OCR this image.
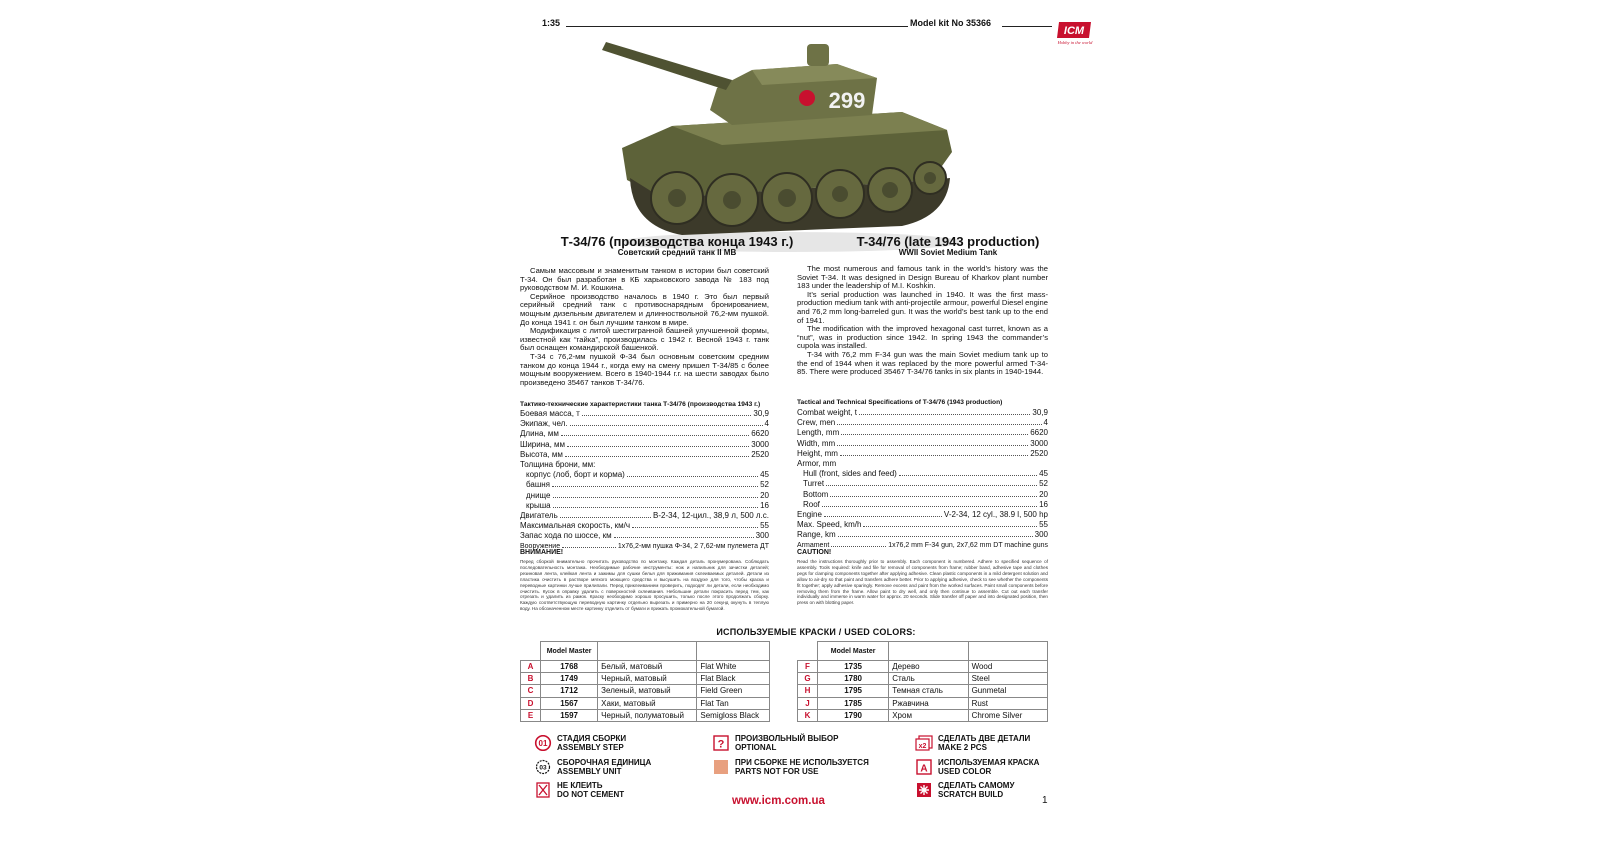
1:35	Model kit No 35366
ICM
Hobby in the world
299
Т-34/76 (производства конца 1943 г.)
Советский средний танк II МВ
T-34/76 (late 1943 production)
WWII Soviet Medium Tank

Самым массовым и знаменитым танком в истории был советский Т-34. Он был разработан в КБ харьковского завода № 183 под руководством М. И. Кошкина.

Серийное производство началось в 1940 г. Это был первый серийный средний танк с противоснарядным бронированием, мощным дизельным двигателем и длинноствольной 76,2-мм пушкой. До конца 1941 г. он был лучшим танком в мире.

Модификация с литой шестигранной башней улучшенной формы, известной как “гайка”, производилась с 1942 г. Весной 1943 г. танк был оснащен командирской башенкой.

Т-34 с 76,2-мм пушкой Ф-34 был основным советским средним танком до конца 1944 г., когда ему на смену пришел Т-34/85 с более мощным вооружением. Всего в 1940-1944 г.г. на шести заводах было произведено 35467 танков Т-34/76.

The most numerous and famous tank in the world’s history was the Soviet T-34. It was designed in Design Bureau of Kharkov plant number 183 under the leadership of M.I. Koshkin.

It’s serial production was launched in 1940. It was the first mass-production medium tank with anti-projectile armour, powerful Diesel engine and 76,2 mm long-barreled gun. It was the world’s best tank up to the end of 1941.

The modification with the improved hexagonal cast turret, known as a “nut”, was in production since 1942. In spring 1943 the commander’s cupola was installed.

T-34 with 76,2 mm F-34 gun was the main Soviet medium tank up to the end of 1944 when it was replaced by the more powerful armed T-34-85. There were produced 35467 T-34/76 tanks in six plants in 1940-1944.

Тактико-технические характеристики танка Т-34/76 (производства 1943 г.)
Боевая масса, т	30,9
Экипаж, чел.	4
Длина, мм	6620
Ширина, мм	3000
Высота, мм	2520
Толщина брони, мм:
корпус (лоб, борт и корма)	45
башня	52
днище	20
крыша	16
Двигатель	В-2-34, 12-цил., 38,9 л, 500 л.с.
Максимальная скорость, км/ч	55
Запас хода по шоссе, км	300
Вооружение	1х76,2-мм пушка Ф-34, 2 7,62-мм пулемета ДТ
Tactical and Technical Specifications of T-34/76 (1943 production)
Combat weight, t	30,9
Crew, men	4
Length, mm	6620
Width, mm	3000
Height, mm	2520
Armor, mm
Hull (front, sides and feed)	45
Turret	52
Bottom	20
Roof	16
Engine	V-2-34, 12 cyl., 38.9 l, 500 hp
Max. Speed, km/h	55
Range, km	300
Armament	1x76,2 mm F-34 gun, 2x7,62 mm DT machine guns
ВНИМАНИЕ!
Перед сборкой внимательно прочитать руководство по монтажу. Каждая деталь пронумерована. Соблюдать последовательность монтажа. Необходимые рабочие инструменты: нож и напильник для зачистки деталей; резиновая лента, клейкая лента и зажимы для сушки белья для прижимания склеиваемых деталей. Детали из пластика очистить в растворе мягкого моющего средства и высушить на воздухе для того, чтобы краска и переводные картинки лучше прилипали. Перед приклеиванием проверить, подходят ли детали, если необходимо очистить. Кусок в оправку удалить с поверхностей склеивания. Небольшие детали покрасить перед тем, как отрезать и удалить из рамок. Краску необходимо хорошо просушить, только после этого продолжать сборку. Каждую соответствующую переводную картинку отдельно вырезать и примерно на 20 секунд окунуть в теплую воду. На обозначенном месте картинку отделить от бумаги и прижать промокательной бумагой.
CAUTION!
Read the instructions thoroughly prior to assembly. Each component is numbered. Adhere to specified sequence of assembly. Tools required: knife and file for removal of components from frame; rubber band, adhesive tape and clothes pegs for clamping components together after applying adhesive. Clean plastic components in a mild detergent solution and allow to air-dry so that paint and transfers adhere better. Prior to applying adhesive, check to see whether the components fit together; apply adhesive sparingly. Remove excess and paint from the worked surfaces. Paint small components before removing them from the frame. Allow paint to dry well, and only then continue to assemble. Cut out each transfer individually and immerse in warm water for approx. 20 seconds. Slide transfer off paper and into designated position, then press on with blotting paper.
ИСПОЛЬЗУЕМЫЕ КРАСКИ / USED COLORS:
	Model Master		
A	1768	Белый, матовый	Flat White
B	1749	Черный, матовый	Flat Black
C	1712	Зеленый, матовый	Field Green
D	1567	Хаки, матовый	Flat Tan
E	1597	Черный, полуматовый	Semigloss Black
	Model Master		
F	1735	Дерево	Wood
G	1780	Сталь	Steel
H	1795	Темная сталь	Gunmetal
J	1785	Ржавчина	Rust
K	1790	Хром	Chrome Silver
01
СТАДИЯ СБОРКИ
ASSEMBLY STEP
03
СБОРОЧНАЯ ЕДИНИЦА
ASSEMBLY UNIT
НЕ КЛЕИТЬ
DO NOT CEMENT
? ПРОИЗВОЛЬНЫЙ ВЫБОР
OPTIONAL
ПРИ СБОРКЕ НЕ ИСПОЛЬЗУЕТСЯ
PARTS NOT FOR USE
x2
СДЕЛАТЬ ДВЕ ДЕТАЛИ
MAKE 2 PCS
A
ИСПОЛЬЗУЕМАЯ КРАСКА
USED COLOR
СДЕЛАТЬ САМОМУ
SCRATCH BUILD
www.icm.com.ua	1
